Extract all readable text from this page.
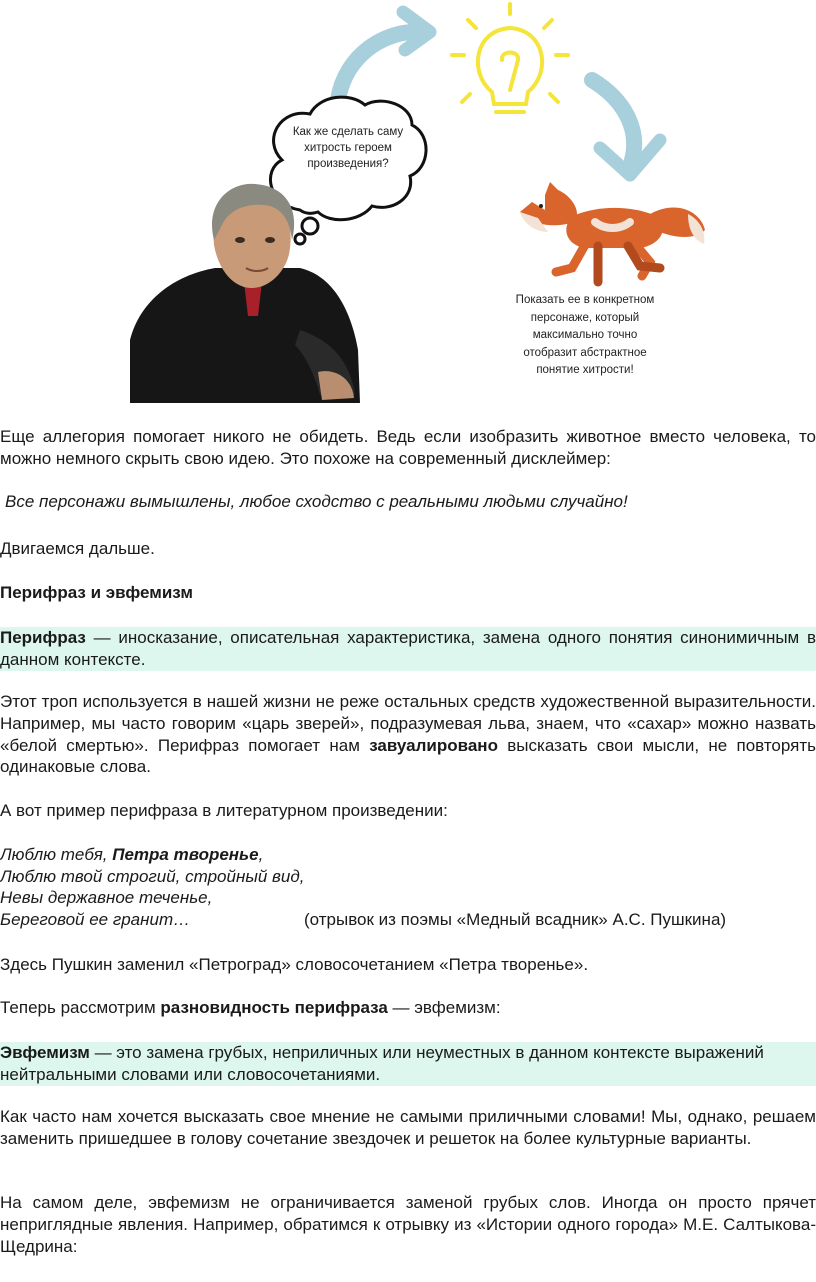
Как же сделать саму хитрость героем произведения?
Показать ее в конкретном персонаже, который максимально точно отобразит абстрактное понятие хитрости!

Еще аллегория помогает никого не обидеть. Ведь если изобразить животное вместо человека, то можно немного скрыть свою идею. Это похоже на современный дисклеймер:

Все персонажи вымышлены, любое сходство с реальными людьми случайно!

Двигаемся дальше.

Перифраз и эвфемизм

Перифраз — иносказание, описательная характеристика, замена одного понятия синонимичным в данном контексте.

Этот троп используется в нашей жизни не реже остальных средств художественной выразительности. Например, мы часто говорим «царь зверей», подразумевая льва, знаем, что «сахар» можно назвать «белой смертью». Перифраз помогает нам завуалировано высказать свои мысли, не повторять одинаковые слова.

А вот пример перифраза в литературном произведении:

Люблю тебя, Петра творенье,

Люблю твой строгий, стройный вид,

Невы державное теченье,

Береговой ее гранит…	(отрывок из поэмы «Медный всадник» А.С. Пушкина)

Здесь Пушкин заменил «Петроград» словосочетанием «Петра творенье».

Теперь рассмотрим разновидность перифраза — эвфемизм:

Эвфемизм — это замена грубых, неприличных или неуместных в данном контексте выражений нейтральными словами или словосочетаниями.

Как часто нам хочется высказать свое мнение не самыми приличными словами! Мы, однако, решаем заменить пришедшее в голову сочетание звездочек и решеток на более культурные варианты.

На самом деле, эвфемизм не ограничивается заменой грубых слов. Иногда он просто прячет неприглядные явления. Например, обратимся к отрывку из «Истории одного города» М.Е. Салтыкова-Щедрина:
